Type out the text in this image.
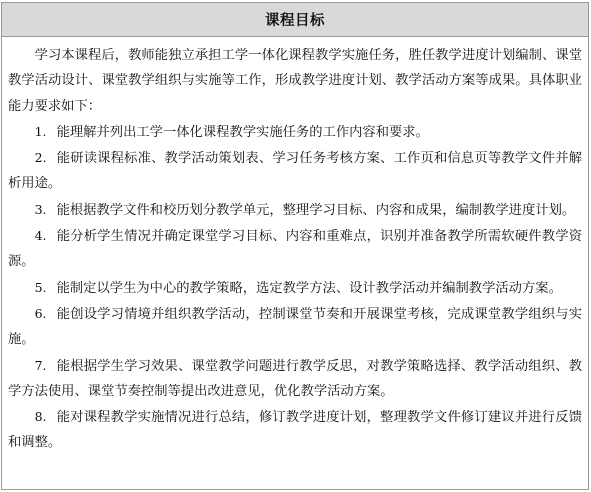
课程目标

学习本课程后，教师能独立承担工学一体化课程教学实施任务，胜任教学进度计划编制、课堂教学活动设计、课堂教学组织与实施等工作，形成教学进度计划、教学活动方案等成果。具体职业能力要求如下：

1. 能理解并列出工学一体化课程教学实施任务的工作内容和要求。
2. 能研读课程标准、教学活动策划表、学习任务考核方案、工作页和信息页等教学文件并解析用途。
3. 能根据教学文件和校历划分教学单元，整理学习目标、内容和成果，编制教学进度计划。
4. 能分析学生情况并确定课堂学习目标、内容和重难点，识别并准备教学所需软硬件教学资源。
5. 能制定以学生为中心的教学策略，选定教学方法、设计教学活动并编制教学活动方案。
6. 能创设学习情境并组织教学活动，控制课堂节奏和开展课堂考核，完成课堂教学组织与实施。
7. 能根据学生学习效果、课堂教学问题进行教学反思，对教学策略选择、教学活动组织、教学方法使用、课堂节奏控制等提出改进意见，优化教学活动方案。
8. 能对课程教学实施情况进行总结，修订教学进度计划，整理教学文件修订建议并进行反馈和调整。
